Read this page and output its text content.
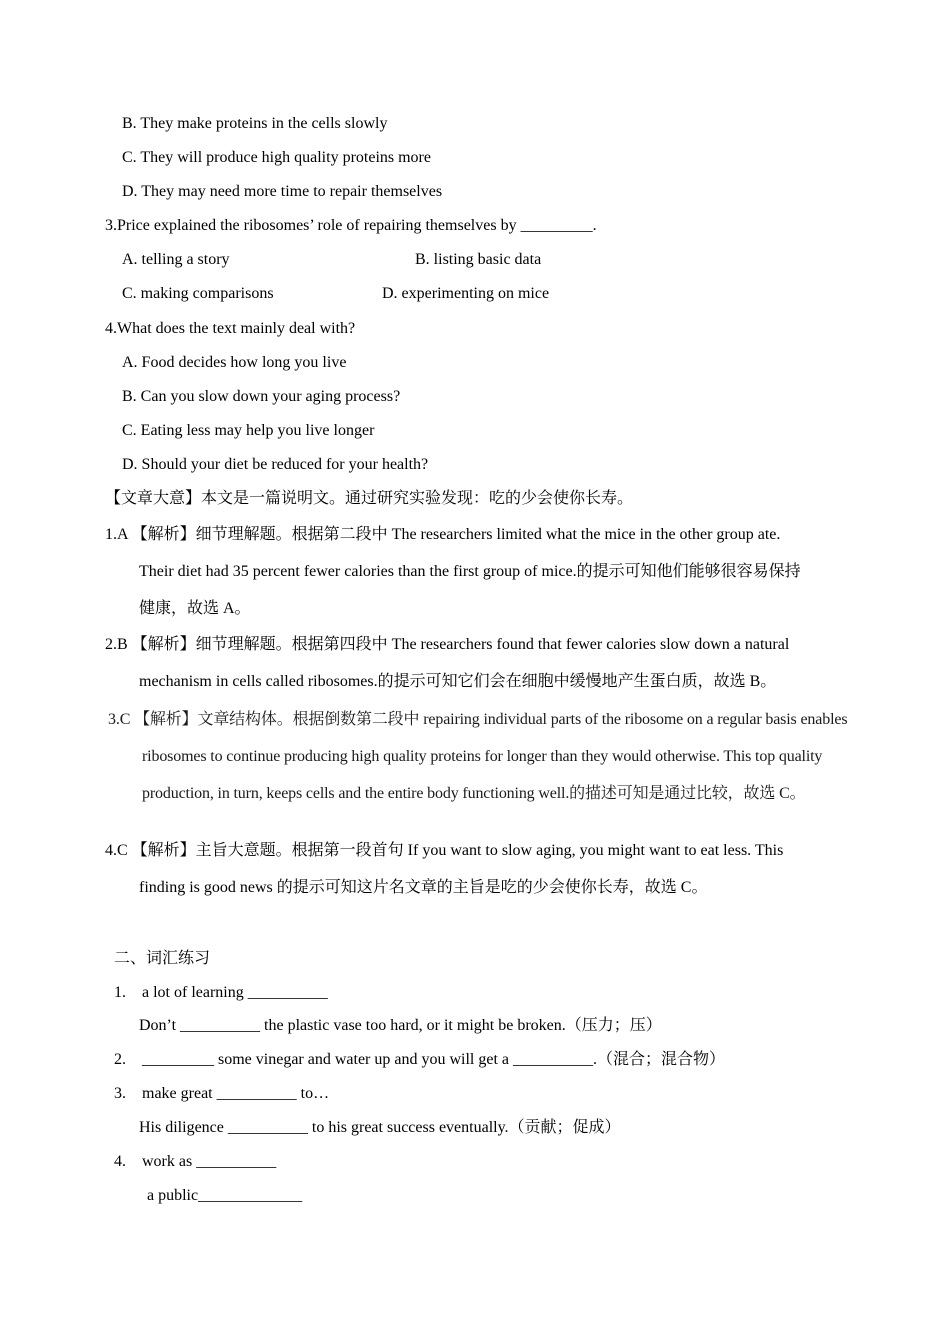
B. They make proteins in the cells slowly
C. They will produce high quality proteins more
D. They may need more time to repair themselves
3.Price explained the ribosomes’ role of repairing themselves by _________.
A. telling a story	B. listing basic data
C. making comparisons	D. experimenting on mice
4.What does the text mainly deal with?
A. Food decides how long you live
B. Can you slow down your aging process?
C. Eating less may help you live longer
D. Should your diet be reduced for your health?
【文章大意】本文是一篇说明文。通过研究实验发现：吃的少会使你长寿。
1.A 【解析】细节理解题。根据第二段中 The researchers limited what the mice in the other group ate.
Their diet had 35 percent fewer calories than the first group of mice.的提示可知他们能够很容易保持
健康，故选 A。
2.B 【解析】细节理解题。根据第四段中 The researchers found that fewer calories slow down a natural
mechanism in cells called ribosomes.的提示可知它们会在细胞中缓慢地产生蛋白质，故选 B。
3.C 【解析】文章结构体。根据倒数第二段中 repairing individual parts of the ribosome on a regular basis enables
ribosomes to continue producing high quality proteins for longer than they would otherwise. This top quality
production, in turn, keeps cells and the entire body functioning well.的描述可知是通过比较，故选 C。
4.C 【解析】主旨大意题。根据第一段首句 If you want to slow aging, you might want to eat less. This
finding is good news 的提示可知这片名文章的主旨是吃的少会使你长寿，故选 C。
二、词汇练习
1. a lot of learning __________
Don’t __________ the plastic vase too hard, or it might be broken.（压力；压）
2. _________ some vinegar and water up and you will get a __________.（混合；混合物）
3. make great __________ to…
His diligence __________ to his great success eventually.（贡献；促成）
4. work as __________
a public_____________
